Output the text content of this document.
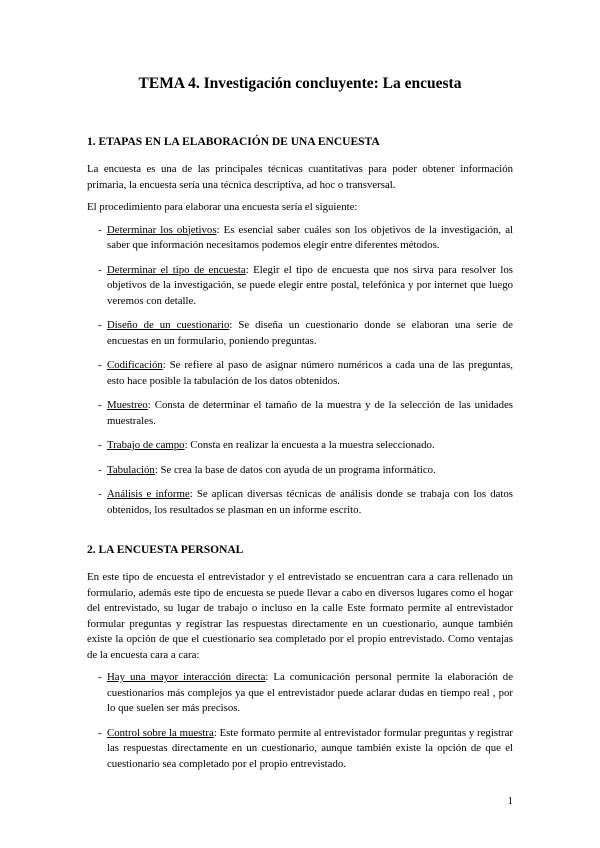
TEMA 4. Investigación concluyente: La encuesta
1. ETAPAS EN LA ELABORACIÓN DE UNA ENCUESTA

La encuesta es una de las principales técnicas cuantitativas para poder obtener información primaria, la encuesta sería una técnica descriptiva, ad hoc o transversal.

El procedimiento para elaborar una encuesta sería el siguiente:

- Determinar los objetivos: Es esencial saber cuáles son los objetivos de la investigación, al saber que información necesitamos podemos elegir entre diferentes métodos.
- Determinar el tipo de encuesta: Elegir el tipo de encuesta que nos sirva para resolver los objetivos de la investigación, se puede elegir entre postal, telefónica y por internet que luego veremos con detalle.
- Diseño de un cuestionario: Se diseña un cuestionario donde se elaboran una serie de encuestas en un formulario, poniendo preguntas.
- Codificación: Se refiere al paso de asignar número numéricos a cada una de las preguntas, esto hace posible la tabulación de los datos obtenidos.
- Muestreo: Consta de determinar el tamaño de la muestra y de la selección de las unidades muestrales.
- Trabajo de campo: Consta en realizar la encuesta a la muestra seleccionado.
- Tabulación: Se crea la base de datos con ayuda de un programa informático.
- Análisis e informe: Se aplican diversas técnicas de análisis donde se trabaja con los datos obtenidos, los resultados se plasman en un informe escrito.
2. LA ENCUESTA PERSONAL

En este tipo de encuesta el entrevistador y el entrevistado se encuentran cara a cara rellenado un formulario, además este tipo de encuesta se puede llevar a cabo en diversos lugares como el hogar del entrevistado, su lugar de trabajo o incluso en la calle Este formato permite al entrevistador formular preguntas y registrar las respuestas directamente en un cuestionario, aunque también existe la opción de que el cuestionario sea completado por el propio entrevistado. Como ventajas de la encuesta cara a cara:

- Hay una mayor interacción directa: La comunicación personal permite la elaboración de cuestionarios más complejos ya que el entrevistador puede aclarar dudas en tiempo real , por lo que suelen ser más precisos.
- Control sobre la muestra: Este formato permite al entrevistador formular preguntas y registrar las respuestas directamente en un cuestionario, aunque también existe la opción de que el cuestionario sea completado por el propio entrevistado.
1
